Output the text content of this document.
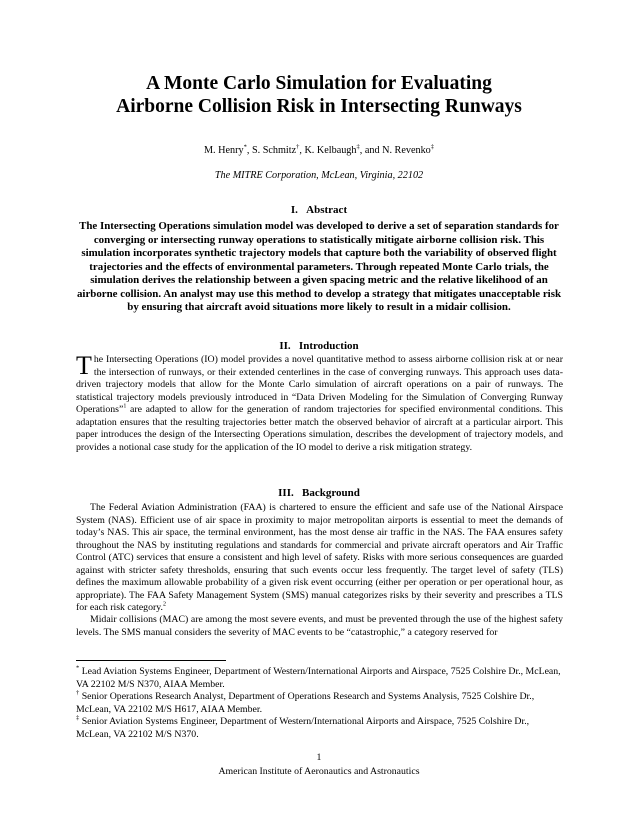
A Monte Carlo Simulation for Evaluating
Airborne Collision Risk in Intersecting Runways
M. Henry*, S. Schmitz†, K. Kelbaugh‡, and N. Revenko‡
The MITRE Corporation, McLean, Virginia, 22102
I.   Abstract
The Intersecting Operations simulation model was developed to derive a set of separation standards for converging or intersecting runway operations to statistically mitigate airborne collision risk. This simulation incorporates synthetic trajectory models that capture both the variability of observed flight trajectories and the effects of environmental parameters. Through repeated Monte Carlo trials, the simulation derives the relationship between a given spacing metric and the relative likelihood of an airborne collision. An analyst may use this method to develop a strategy that mitigates unacceptable risk by ensuring that aircraft avoid situations more likely to result in a midair collision.
II.   Introduction
The Intersecting Operations (IO) model provides a novel quantitative method to assess airborne collision risk at or near the intersection of runways, or their extended centerlines in the case of converging runways. This approach uses data-driven trajectory models that allow for the Monte Carlo simulation of aircraft operations on a pair of runways. The statistical trajectory models previously introduced in “Data Driven Modeling for the Simulation of Converging Runway Operations”$^1$ are adapted to allow for the generation of random trajectories for specified environmental conditions. This adaptation ensures that the resulting trajectories better match the observed behavior of aircraft at a particular airport. This paper introduces the design of the Intersecting Operations simulation, describes the development of trajectory models, and provides a notional case study for the application of the IO model to derive a risk mitigation strategy.
III.   Background
The Federal Aviation Administration (FAA) is chartered to ensure the efficient and safe use of the National Airspace System (NAS). Efficient use of air space in proximity to major metropolitan airports is essential to meet the demands of today’s NAS. This air space, the terminal environment, has the most dense air traffic in the NAS. The FAA ensures safety throughout the NAS by instituting regulations and standards for commercial and private aircraft operators and Air Traffic Control (ATC) services that ensure a consistent and high level of safety. Risks with more serious consequences are guarded against with stricter safety thresholds, ensuring that such events occur less frequently. The target level of safety (TLS) defines the maximum allowable probability of a given risk event occurring (either per operation or per operational hour, as appropriate). The FAA Safety Management System (SMS) manual categorizes risks by their severity and prescribes a TLS for each risk category.$^2$
Midair collisions (MAC) are among the most severe events, and must be prevented through the use of the highest safety levels. The SMS manual considers the severity of MAC events to be “catastrophic,” a category reserved for
* Lead Aviation Systems Engineer, Department of Western/International Airports and Airspace, 7525 Colshire Dr., McLean, VA 22102 M/S N370, AIAA Member.
† Senior Operations Research Analyst, Department of Operations Research and Systems Analysis, 7525 Colshire Dr., McLean, VA 22102 M/S H617, AIAA Member.
‡ Senior Aviation Systems Engineer, Department of Western/International Airports and Airspace, 7525 Colshire Dr., McLean, VA 22102 M/S N370.
1
American Institute of Aeronautics and Astronautics
